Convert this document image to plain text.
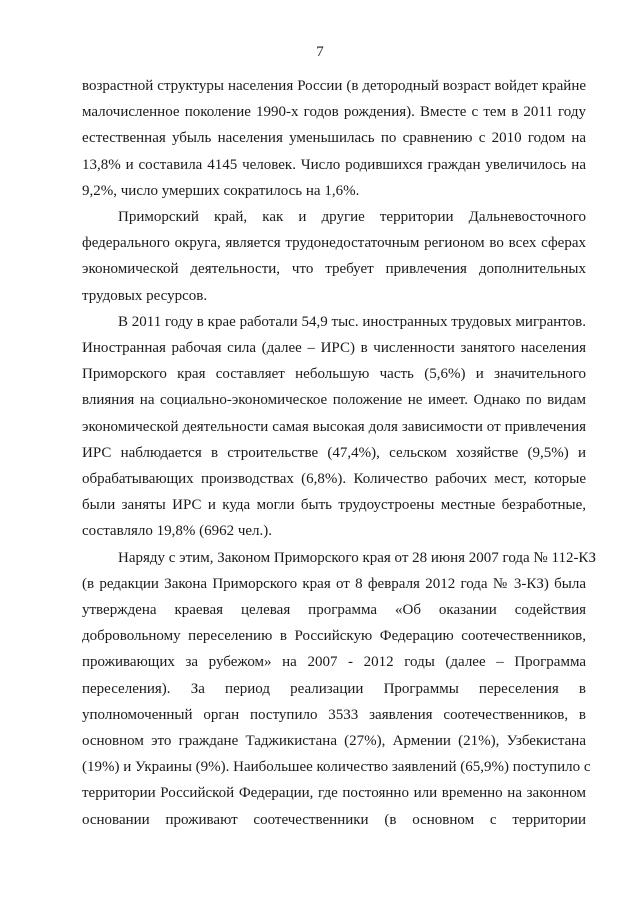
7
возрастной структуры населения России (в детородный возраст войдет крайне
малочисленное поколение 1990-х годов рождения). Вместе с тем в 2011 году
естественная убыль населения уменьшилась по сравнению с 2010 годом на
13,8% и составила 4145 человек. Число родившихся граждан увеличилось на
9,2%, число умерших сократилось на 1,6%.
Приморский край, как и другие территории Дальневосточного
федерального округа, является трудонедостаточным регионом во всех сферах
экономической деятельности, что требует привлечения дополнительных
трудовых ресурсов.
В 2011 году в крае работали 54,9 тыс. иностранных трудовых мигрантов.
Иностранная рабочая сила (далее – ИРС) в численности занятого населения
Приморского края составляет небольшую часть (5,6%) и значительного
влияния на социально-экономическое положение не имеет. Однако по видам
экономической деятельности самая высокая доля зависимости от привлечения
ИРС наблюдается в строительстве (47,4%), сельском хозяйстве (9,5%) и
обрабатывающих производствах (6,8%). Количество рабочих мест, которые
были заняты ИРС и куда могли быть трудоустроены местные безработные,
составляло 19,8% (6962 чел.).
Наряду с этим, Законом Приморского края от 28 июня 2007 года № 112-КЗ
(в редакции Закона Приморского края от 8 февраля 2012 года № 3-КЗ) была
утверждена краевая целевая программа «Об оказании содействия
добровольному переселению в Российскую Федерацию соотечественников,
проживающих за рубежом» на 2007 - 2012 годы (далее – Программа
переселения). За период реализации Программы переселения в
уполномоченный орган поступило 3533 заявления соотечественников, в
основном это граждане Таджикистана (27%), Армении (21%), Узбекистана
(19%) и Украины (9%). Наибольшее количество заявлений (65,9%) поступило с
территории Российской Федерации, где постоянно или временно на законном
основании проживают соотечественники (в основном с территории
